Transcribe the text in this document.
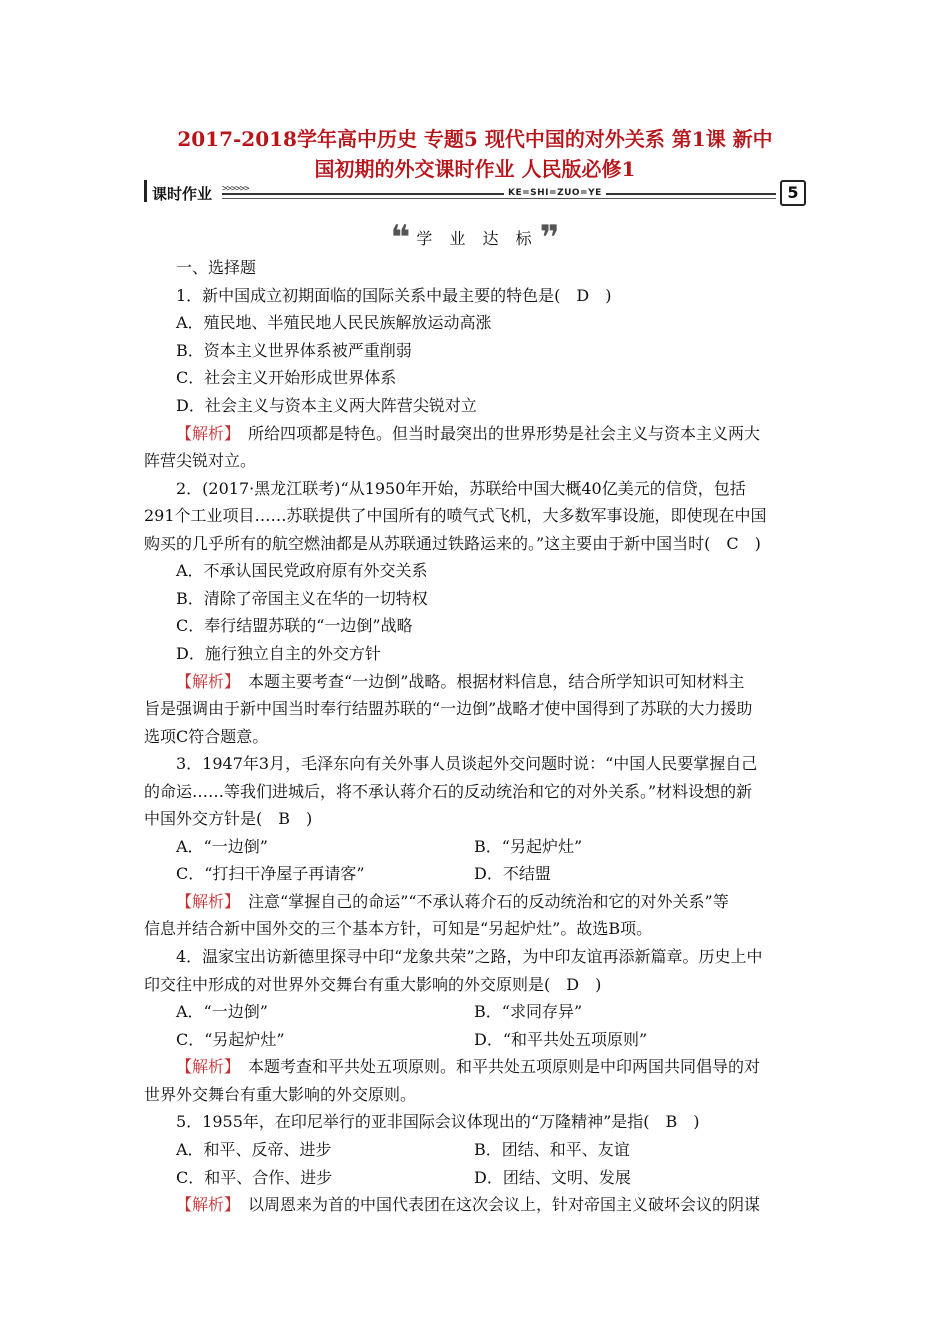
2017-2018学年高中历史 专题5 现代中国的对外关系 第1课 新中
国初期的外交课时作业 人民版必修1
课时作业 >>>>>>	KE=SHI=ZUO=YE	5
❝ 学 业 达 标❞
一、选择题
1．新中国成立初期面临的国际关系中最主要的特色是(　D　)
A．殖民地、半殖民地人民民族解放运动高涨
B．资本主义世界体系被严重削弱
C．社会主义开始形成世界体系
D．社会主义与资本主义两大阵营尖锐对立
【解析】　所给四项都是特色。但当时最突出的世界形势是社会主义与资本主义两大
阵营尖锐对立。
2．(2017·黑龙江联考)“从1950年开始，苏联给中国大概40亿美元的信贷，包括
291个工业项目……苏联提供了中国所有的喷气式飞机，大多数军事设施，即使现在中国
购买的几乎所有的航空燃油都是从苏联通过铁路运来的。”这主要由于新中国当时(　C　)
A．不承认国民党政府原有外交关系
B．清除了帝国主义在华的一切特权
C．奉行结盟苏联的“一边倒”战略
D．施行独立自主的外交方针
【解析】　本题主要考查“一边倒”战略。根据材料信息，结合所学知识可知材料主
旨是强调由于新中国当时奉行结盟苏联的“一边倒”战略才使中国得到了苏联的大力援助
选项C符合题意。
3．1947年3月，毛泽东向有关外事人员谈起外交问题时说：“中国人民要掌握自己
的命运……等我们进城后，将不承认蒋介石的反动统治和它的对外关系。”材料设想的新
中国外交方针是(　B　)
A．“一边倒”	B．“另起炉灶”
C．“打扫干净屋子再请客”	D．不结盟
【解析】　注意“掌握自己的命运”“不承认蒋介石的反动统治和它的对外关系”等
信息并结合新中国外交的三个基本方针，可知是“另起炉灶”。故选B项。
4．温家宝出访新德里探寻中印“龙象共荣”之路，为中印友谊再添新篇章。历史上中
印交往中形成的对世界外交舞台有重大影响的外交原则是(　D　)
A．“一边倒”	B．“求同存异”
C．“另起炉灶”	D．“和平共处五项原则”
【解析】　本题考查和平共处五项原则。和平共处五项原则是中印两国共同倡导的对
世界外交舞台有重大影响的外交原则。
5．1955年，在印尼举行的亚非国际会议体现出的“万隆精神”是指(　B　)
A．和平、反帝、进步	B．团结、和平、友谊
C．和平、合作、进步	D．团结、文明、发展
【解析】　以周恩来为首的中国代表团在这次会议上，针对帝国主义破坏会议的阴谋
